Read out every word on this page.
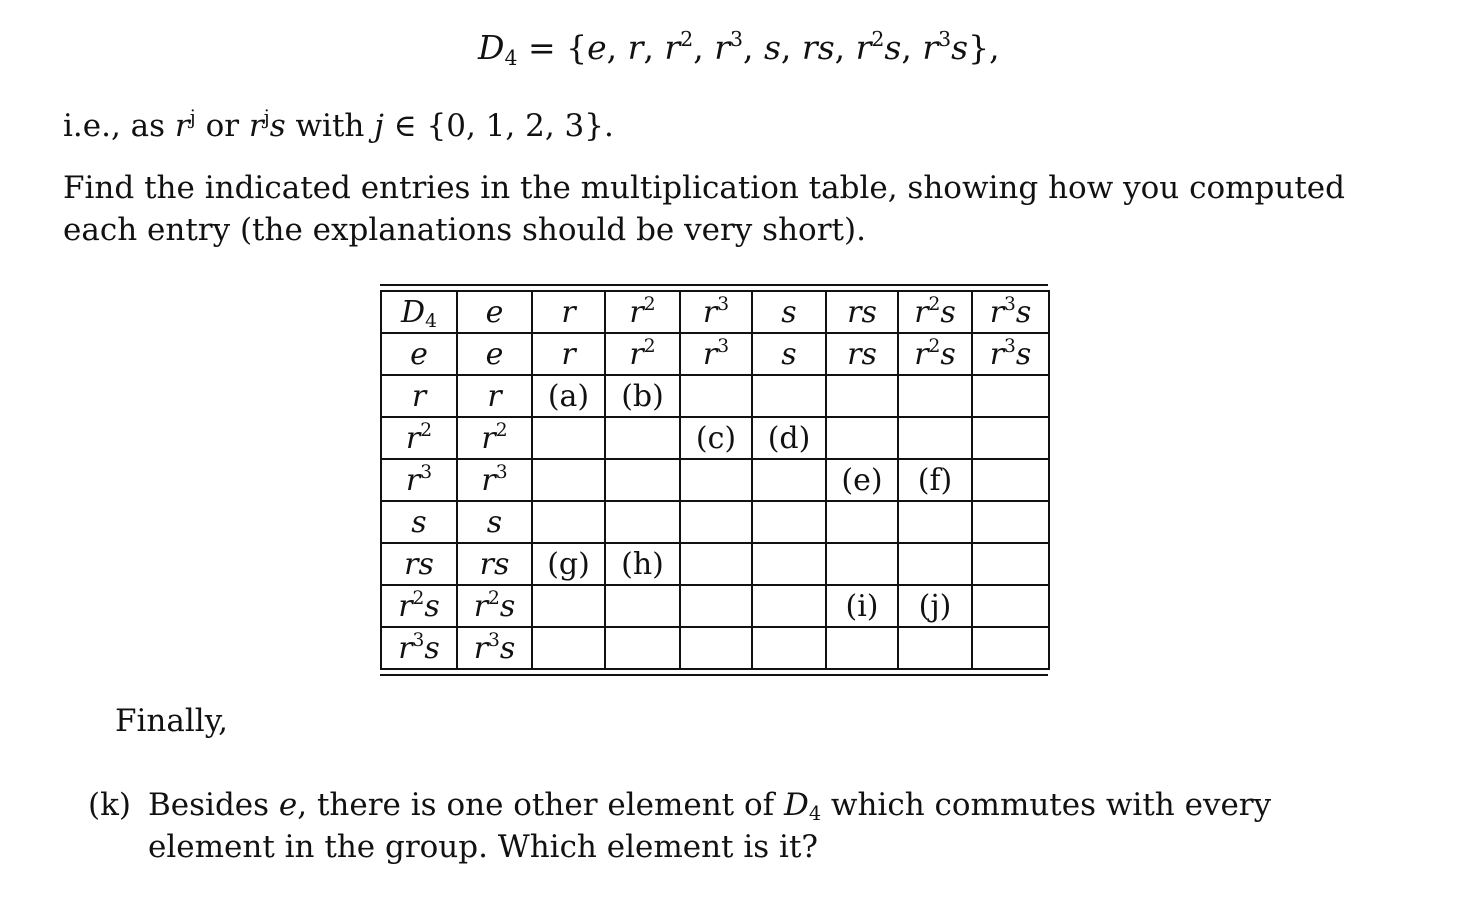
D4 = {e, r, $r^2$, $r^3$, s, rs, $r^2s$, $r^3s$},
i.e., as $r^j$ or $r^js$ with j ∈ {0, 1, 2, 3}.
Find the indicated entries in the multiplication table, showing how you computed each entry (the explanations should be very short).
D4	e	r	$r^2$	$r^3$	s	rs	$r^2s$	$r^3s$
e	e	r	$r^2$	$r^3$	s	rs	$r^2s$	$r^3s$
r	r	(a)	(b)					
$r^2$	$r^2$			(c)	(d)			
$r^3$	$r^3$					(e)	(f)	
s	s							
rs	rs	(g)	(h)					
$r^2s$	$r^2s$					(i)	(j)	
$r^3s$	$r^3s$							
Finally,
(k) Besides e, there is one other element of D4 which commutes with every element in the group. Which element is it?
